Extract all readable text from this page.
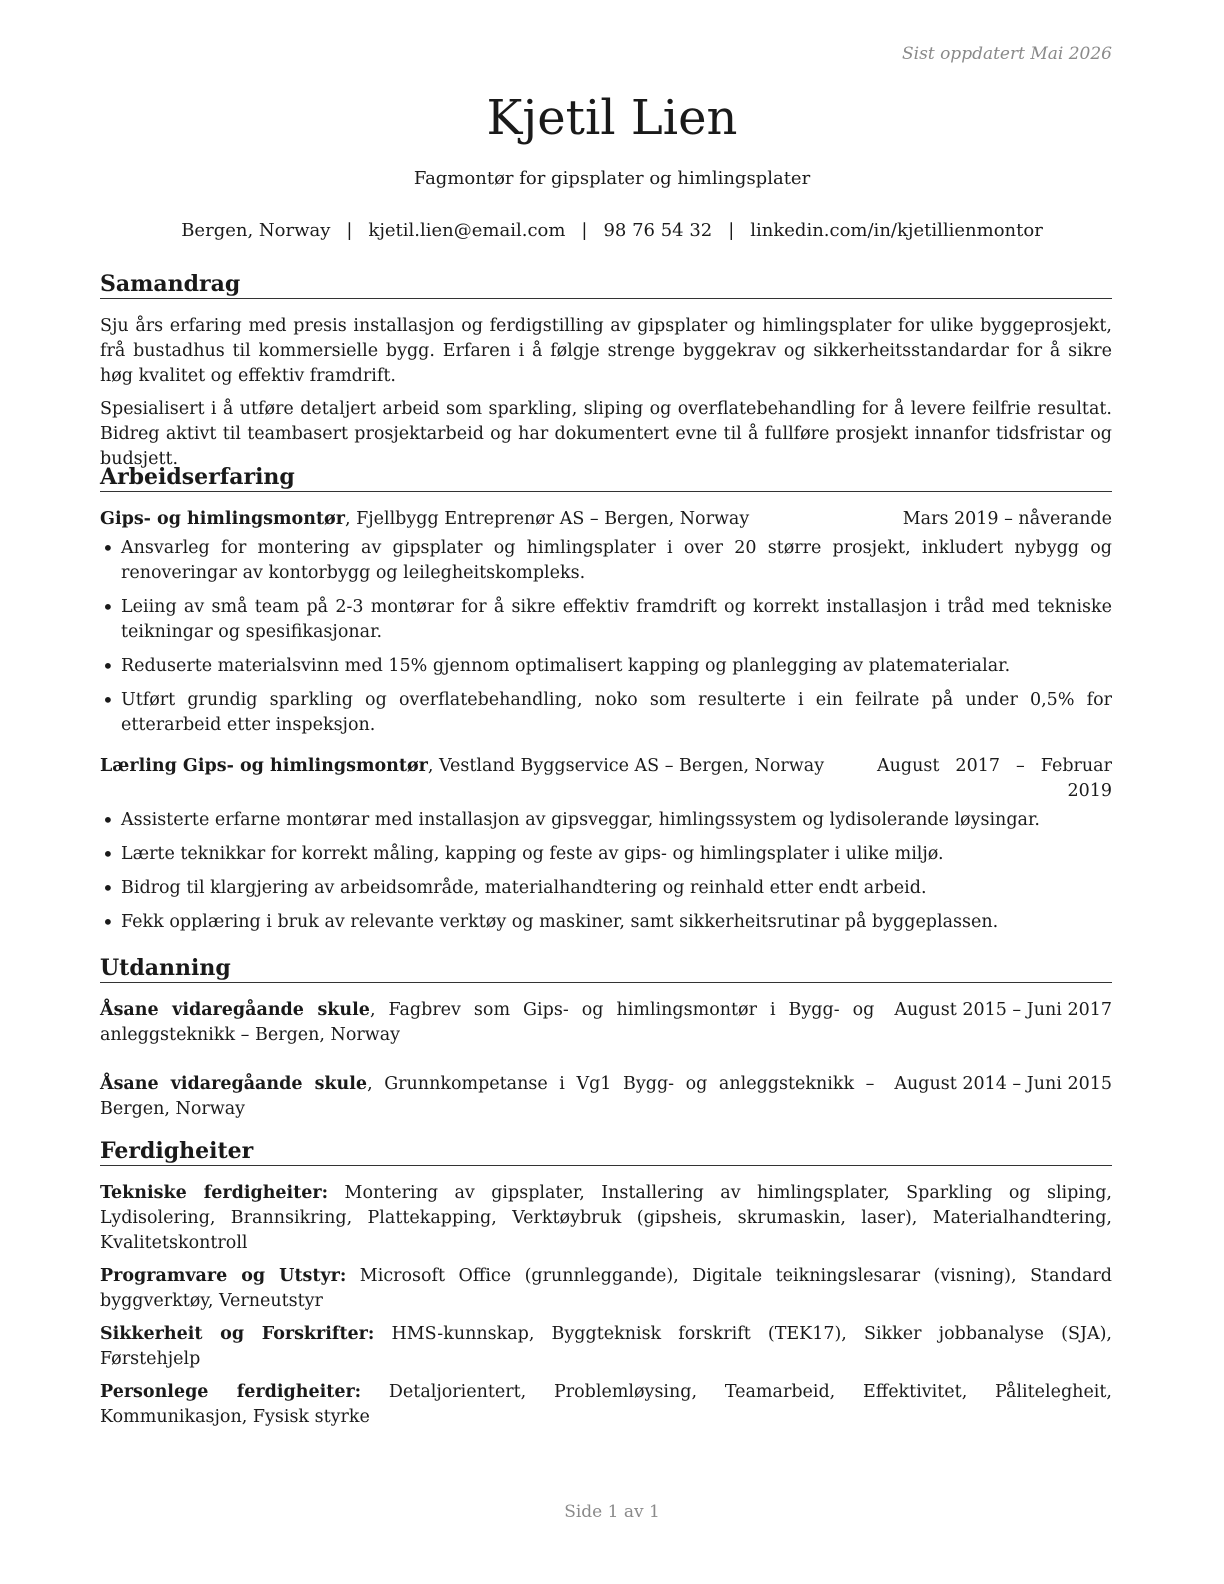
Sist oppdatert Mai 2026
Kjetil Lien
Fagmontør for gipsplater og himlingsplater
Bergen, Norway | kjetil.lien@email.com | 98 76 54 32 | linkedin.com/in/kjetillienmontor
Samandrag

Sju års erfaring med presis installasjon og ferdigstilling av gipsplater og himlingsplater for ulike byggeprosjekt, frå bustadhus til kommersielle bygg. Erfaren i å følgje strenge byggekrav og sikkerheitsstandardar for å sikre høg kvalitet og effektiv framdrift.

Spesialisert i å utføre detaljert arbeid som sparkling, sliping og overflatebehandling for å levere feilfrie resultat. Bidreg aktivt til teambasert prosjektarbeid og har dokumentert evne til å fullføre prosjekt innanfor tidsfristar og budsjett.

Arbeidserfaring
Gips- og himlingsmontør, Fjellbygg Entreprenør AS – Bergen, Norway	Mars 2019 – nåverande
• Ansvarleg for montering av gipsplater og himlingsplater i over 20 større prosjekt, inkludert nybygg og renoveringar av kontorbygg og leilegheitskompleks.
• Leiing av små team på 2-3 montørar for å sikre effektiv framdrift og korrekt installasjon i tråd med tekniske teikningar og spesifikasjonar.
• Reduserte materialsvinn med 15% gjennom optimalisert kapping og planlegging av platematerialar.
• Utført grundig sparkling og overflatebehandling, noko som resulterte i ein feilrate på under 0,5% for etterarbeid etter inspeksjon.
Lærling Gips- og himlingsmontør, Vestland Byggservice AS – Bergen, Norway	August 2017 – Februar 2019
• Assisterte erfarne montørar med installasjon av gipsveggar, himlingssystem og lydisolerande løysingar.
• Lærte teknikkar for korrekt måling, kapping og feste av gips- og himlingsplater i ulike miljø.
• Bidrog til klargjering av arbeidsområde, materialhandtering og reinhald etter endt arbeid.
• Fekk opplæring i bruk av relevante verktøy og maskiner, samt sikkerheitsrutinar på byggeplassen.
Utdanning
Åsane vidaregåande skule, Fagbrev som Gips- og himlingsmontør i Bygg- og anleggsteknikk – Bergen, Norway
August 2015 – Juni 2017
Åsane vidaregåande skule, Grunnkompetanse i Vg1 Bygg- og anleggsteknikk – Bergen, Norway
August 2014 – Juni 2015
Ferdigheiter

Tekniske ferdigheiter: Montering av gipsplater, Installering av himlingsplater, Sparkling og sliping, Lydisolering, Brannsikring, Plattekapping, Verktøybruk (gipsheis, skrumaskin, laser), Materialhandtering, Kvalitetskontroll

Programvare og Utstyr: Microsoft Office (grunnleggande), Digitale teikningslesarar (visning), Standard byggverktøy, Verneutstyr

Sikkerheit og Forskrifter: HMS-kunnskap, Byggteknisk forskrift (TEK17), Sikker jobbanalyse (SJA), Førstehjelp

Personlege ferdigheiter: Detaljorientert, Problemløysing, Teamarbeid, Effektivitet, Pålitelegheit, Kommunikasjon, Fysisk styrke

Side 1 av 1
